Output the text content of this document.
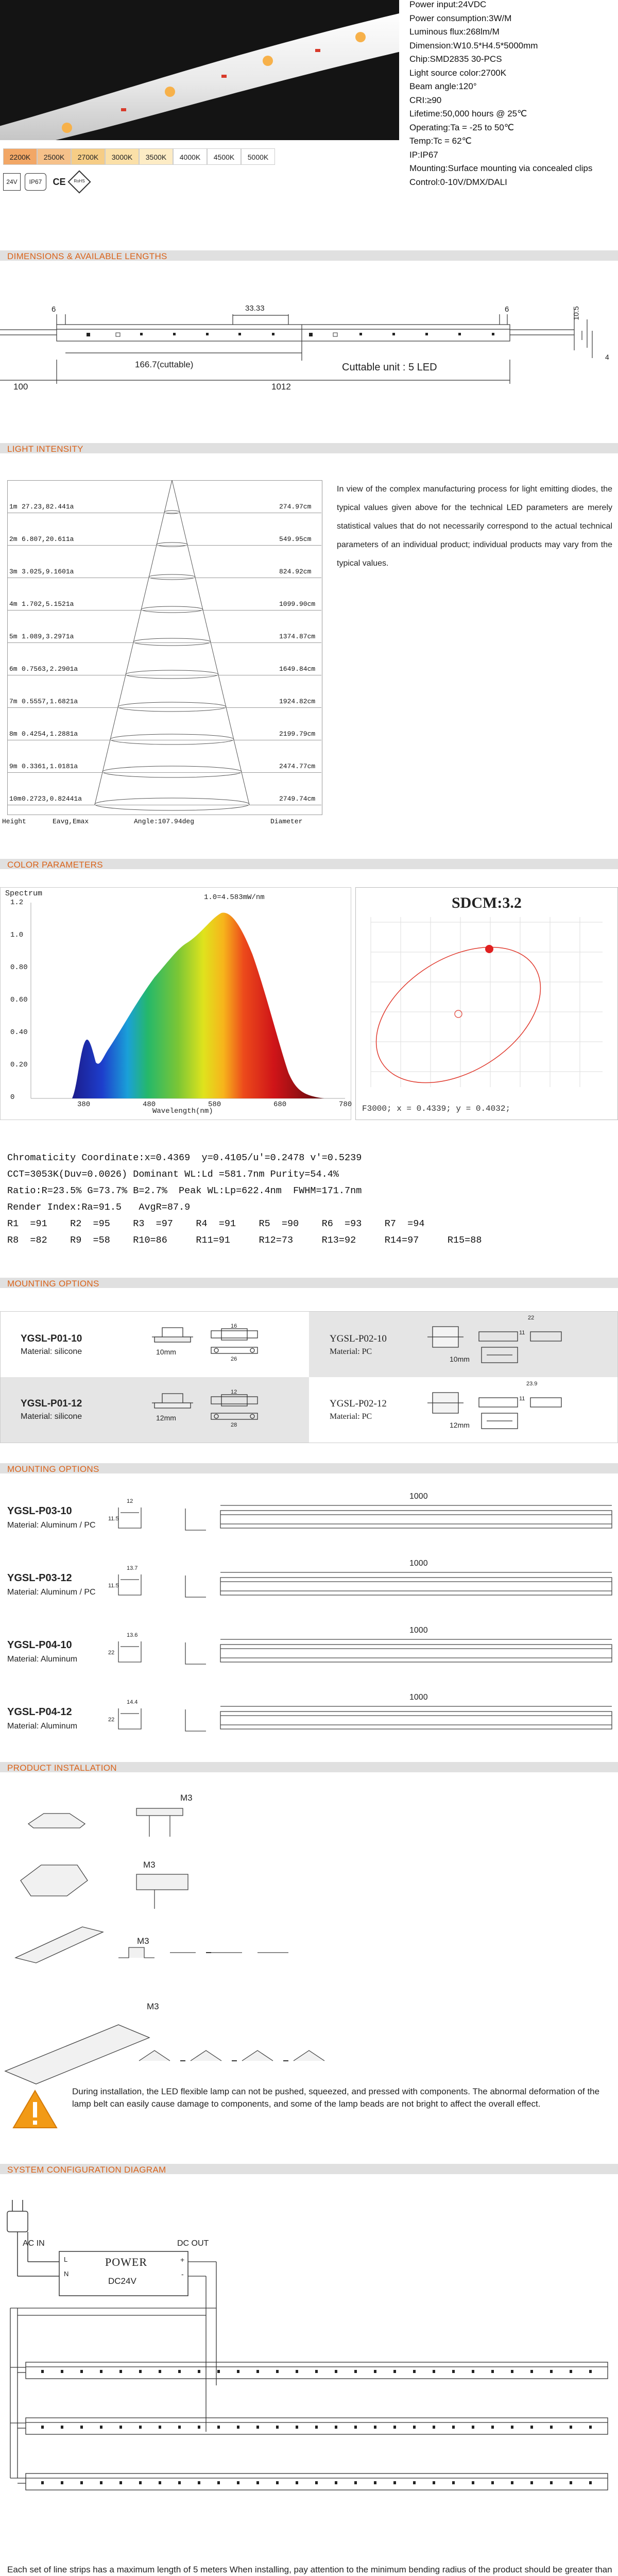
Power input:24VDC

Power consumption:3W/M

Luminous flux:268lm/M

Dimension:W10.5*H4.5*5000mm

Chip:SMD2835 30-PCS

Light source color:2700K

Beam angle:120°

CRI:≥90

Lifetime:50,000 hours @ 25℃

Operating:Ta = -25 to 50℃

Temp:Tc = 62℃

IP:IP67

Mounting:Surface mounting via concealed clips

Control:0-10V/DMX/DALI

2200K	2500K	2700K	3000K	3500K	4000K	4500K	5000K
24V	IP67	CE	RoHS
DIMENSIONS & AVAILABLE LENGTHS
6	33.33	6	10.5
4
166.7(cuttable)	Cuttable unit : 5 LED
100	1012
LIGHT INTENSITY
1m 27.23,82.441a	274.97cm
2m 6.807,20.611a	549.95cm
3m 3.025,9.1601a	824.92cm
4m 1.702,5.1521a	1099.90cm
5m 1.089,3.2971a	1374.87cm
6m 0.7563,2.2901a	1649.84cm
7m 0.5557,1.6821a	1924.82cm
8m 0.4254,1.2881a	2199.79cm
9m 0.3361,1.0181a	2474.77cm
10m 0.2723,0.82441a	2749.74cm
Height	Eavg,Emax	Angle:107.94deg	Diameter
In view of the complex manufacturing process for light emitting diodes, the typical values given above for the technical LED parameters are merely statistical values that do not necessarily correspond to the actual technical parameters of an individual product; individual products may vary from the typical values.
COLOR PARAMETERS
Spectrum	1.0=4.583mW/nm
380	480	580	680	780
1.2
1.0
0.80
0.60
0.40
0.20
0
Wavelength(nm)
SDCM:3.2
F3000; x = 0.4339; y = 0.4032;
Chromaticity Coordinate:x=0.4369  y=0.4105/u'=0.2478 v'=0.5239
CCT=3053K(Duv=0.0026) Dominant WL:Ld =581.7nm Purity=54.4%
Ratio:R=23.5% G=73.7% B=2.7%  Peak WL:Lp=622.4nm  FWHM=171.7nm
Render Index:Ra=91.5   AvgR=87.9
R1  =91    R2  =95    R3  =97    R4  =91    R5  =90    R6  =93    R7  =94
R8  =82    R9  =58    R10=86     R11=91     R12=73     R13=92     R14=97     R15=88
MOUNTING OPTIONS
YGSL-P01-10
Material: silicone
YGSL-P02-10
Material: PC
YGSL-P01-12
Material: silicone
YGSL-P02-12
Material: PC
10mm
16
26	10mm
22
11
12mm
12
28	12mm
23.9
11
MOUNTING OPTIONS
YGSL-P03-10
Material: Aluminum / PC
12
11.5
1000
YGSL-P03-12
Material: Aluminum / PC
13.7
11.5
1000
YGSL-P04-10
Material: Aluminum
13.6
22
1000
YGSL-P04-12
Material: Aluminum
14.4
22
1000
PRODUCT INSTALLATION
M3
M3
M3
M3
During installation, the LED flexible lamp can not be pushed, squeezed, and pressed with components. The abnormal deformation of the lamp belt can easily cause damage to components, and some of the lamp beads are not bright to affect the overall effect.
SYSTEM CONFIGURATION DIAGRAM
AC IN	DC OUT
POWER
DC24V
L
N
+
-
Each set of line strips has a maximum length of 5 meters When installing, pay attention to the minimum bending radius of the product should be greater than
